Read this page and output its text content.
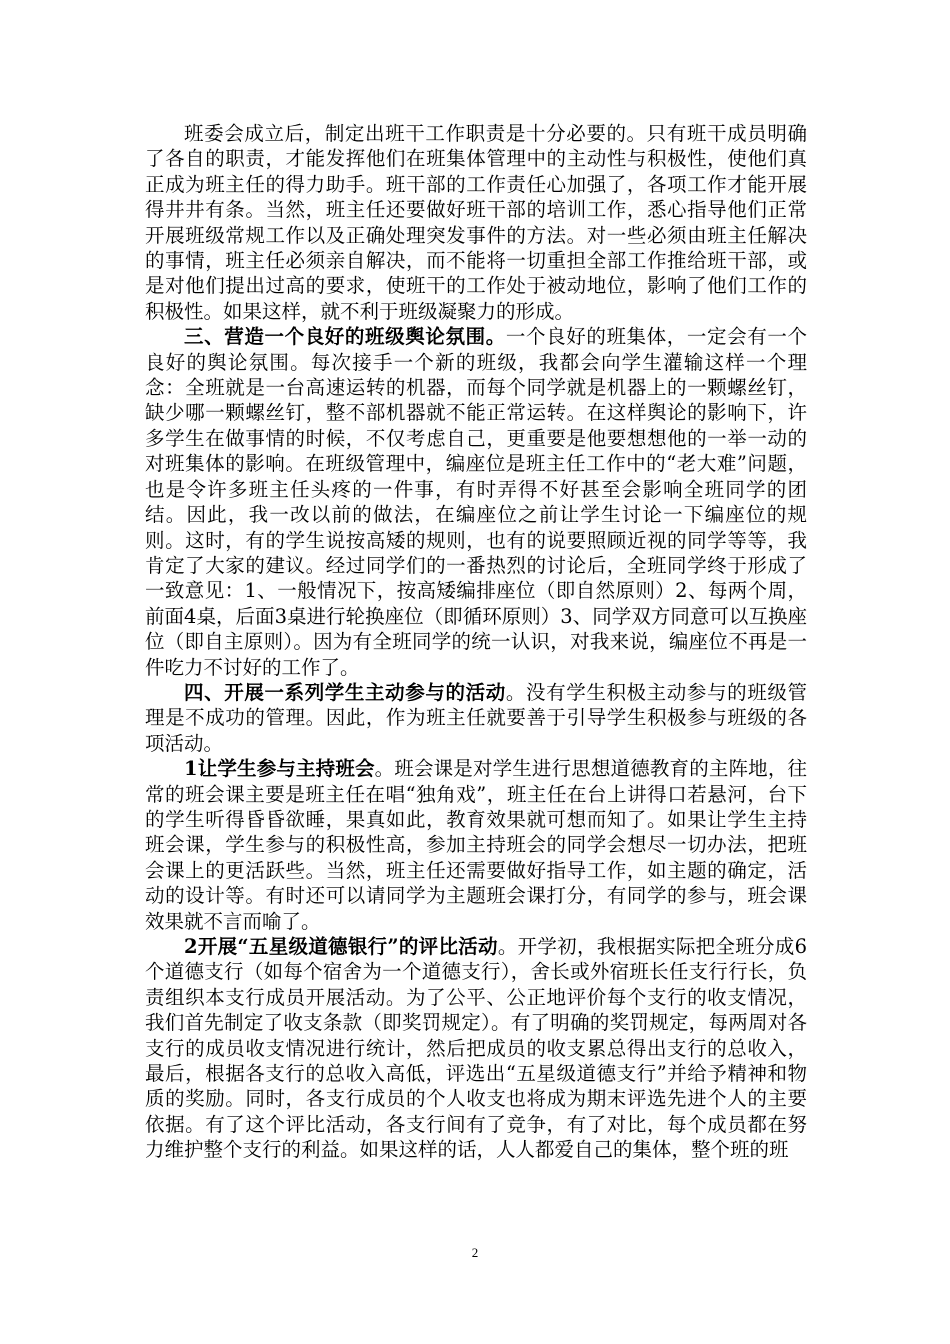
班委会成立后，制定出班干工作职责是十分必要的。只有班干成员明确了各自的职责，才能发挥他们在班集体管理中的主动性与积极性，使他们真正成为班主任的得力助手。班干部的工作责任心加强了，各项工作才能开展得井井有条。当然，班主任还要做好班干部的培训工作，悉心指导他们正常开展班级常规工作以及正确处理突发事件的方法。对一些必须由班主任解决的事情，班主任必须亲自解决，而不能将一切重担全部工作推给班干部，或是对他们提出过高的要求，使班干的工作处于被动地位，影响了他们工作的积极性。如果这样，就不利于班级凝聚力的形成。

三、营造一个良好的班级舆论氛围。一个良好的班集体，一定会有一个良好的舆论氛围。每次接手一个新的班级，我都会向学生灌输这样一个理念：全班就是一台高速运转的机器，而每个同学就是机器上的一颗螺丝钉，缺少哪一颗螺丝钉，整不部机器就不能正常运转。在这样舆论的影响下，许多学生在做事情的时候，不仅考虑自己，更重要是他要想想他的一举一动的对班集体的影响。在班级管理中，编座位是班主任工作中的“老大难”问题，也是令许多班主任头疼的一件事，有时弄得不好甚至会影响全班同学的团结。因此，我一改以前的做法，在编座位之前让学生讨论一下编座位的规则。这时，有的学生说按高矮的规则，也有的说要照顾近视的同学等等，我肯定了大家的建议。经过同学们的一番热烈的讨论后，全班同学终于形成了一致意见：1、一般情况下，按高矮编排座位（即自然原则）2、每两个周，前面4桌，后面3桌进行轮换座位（即循环原则）3、同学双方同意可以互换座位（即自主原则）。因为有全班同学的统一认识，对我来说，编座位不再是一件吃力不讨好的工作了。

四、开展一系列学生主动参与的活动。没有学生积极主动参与的班级管理是不成功的管理。因此，作为班主任就要善于引导学生积极参与班级的各项活动。

1让学生参与主持班会。班会课是对学生进行思想道德教育的主阵地，往常的班会课主要是班主任在唱“独角戏”，班主任在台上讲得口若悬河，台下的学生听得昏昏欲睡，果真如此，教育效果就可想而知了。如果让学生主持班会课，学生参与的积极性高，参加主持班会的同学会想尽一切办法，把班会课上的更活跃些。当然，班主任还需要做好指导工作，如主题的确定，活动的设计等。有时还可以请同学为主题班会课打分，有同学的参与，班会课效果就不言而喻了。

2开展“五星级道德银行”的评比活动。开学初，我根据实际把全班分成6个道德支行（如每个宿舍为一个道德支行），舍长或外宿班长任支行行长，负责组织本支行成员开展活动。为了公平、公正地评价每个支行的收支情况，我们首先制定了收支条款（即奖罚规定）。有了明确的奖罚规定，每两周对各支行的成员收支情况进行统计，然后把成员的收支累总得出支行的总收入，最后，根据各支行的总收入高低，评选出“五星级道德支行”并给予精神和物质的奖励。同时，各支行成员的个人收支也将成为期末评选先进个人的主要依据。有了这个评比活动，各支行间有了竞争，有了对比，每个成员都在努力维护整个支行的利益。如果这样的话，人人都爱自己的集体，整个班的班

2
